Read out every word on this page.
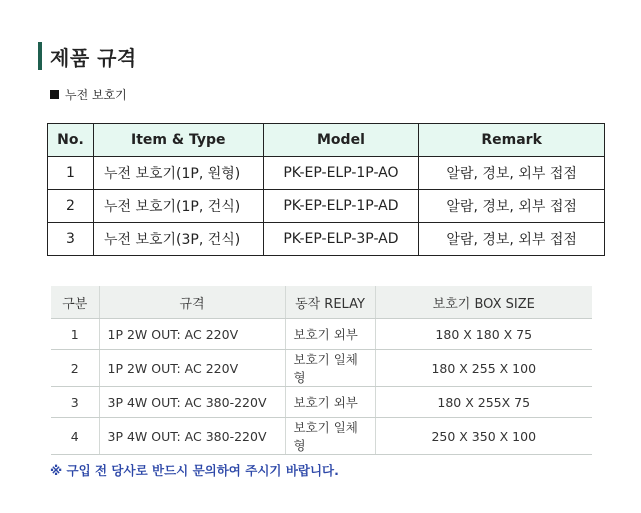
제품 규격
누전 보호기
No.	Item & Type	Model	Remark
1	누전 보호기(1P, 원형)	PK-EP-ELP-1P-AO	알람, 경보, 외부 접점
2	누전 보호기(1P, 건식)	PK-EP-ELP-1P-AD	알람, 경보, 외부 접점
3	누전 보호기(3P, 건식)	PK-EP-ELP-3P-AD	알람, 경보, 외부 접점
구분	규격	동작 RELAY	보호기 BOX SIZE
1	1P 2W OUT: AC 220V	보호기 외부	180 X 180 X 75
2	1P 2W OUT: AC 220V	보호기 일체형	180 X 255 X 100
3	3P 4W OUT: AC 380-220V	보호기 외부	180 X 255X 75
4	3P 4W OUT: AC 380-220V	보호기 일체형	250 X 350 X 100
※ 구입 전 당사로 반드시 문의하여 주시기 바랍니다.
